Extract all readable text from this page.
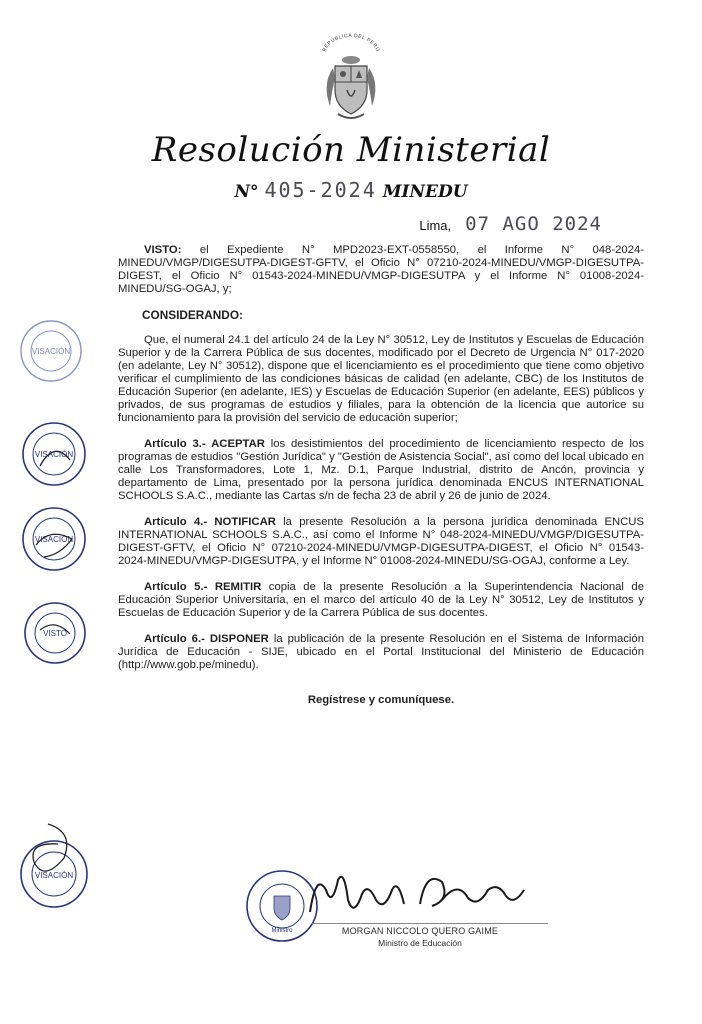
REPÚBLICA DEL PERÚ
Resolución Ministerial
N° 405-2024 MINEDU
Lima, 07 AGO 2024

VISTO: el Expediente N° MPD2023-EXT-0558550, el Informe N° 048-2024-MINEDU/VMGP/DIGESUTPA-DIGEST-GFTV, el Oficio N° 07210-2024-MINEDU/VMGP-DIGESUTPA-DIGEST, el Oficio N° 01543-2024-MINEDU/VMGP-DIGESUTPA y el Informe N° 01008-2024-MINEDU/SG-OGAJ, y;

CONSIDERANDO:

Que, el numeral 24.1 del artículo 24 de la Ley N° 30512, Ley de Institutos y Escuelas de Educación Superior y de la Carrera Pública de sus docentes, modificado por el Decreto de Urgencia N° 017-2020 (en adelante, Ley N° 30512), dispone que el licenciamiento es el procedimiento que tiene como objetivo verificar el cumplimiento de las condiciones básicas de calidad (en adelante, CBC) de los Institutos de Educación Superior (en adelante, IES) y Escuelas de Educación Superior (en adelante, EES) públicos y privados, de sus programas de estudios y filiales, para la obtención de la licencia que autorice su funcionamiento para la provisión del servicio de educación superior;

Artículo 3.- ACEPTAR los desistimientos del procedimiento de licenciamiento respecto de los programas de estudios "Gestión Jurídica" y "Gestión de Asistencia Social", así como del local ubicado en calle Los Transformadores, Lote 1, Mz. D.1, Parque Industrial, distrito de Ancón, provincia y departamento de Lima, presentado por la persona jurídica denominada ENCUS INTERNATIONAL SCHOOLS S.A.C., mediante las Cartas s/n de fecha 23 de abril y 26 de junio de 2024.

Artículo 4.- NOTIFICAR la presente Resolución a la persona jurídica denominada ENCUS INTERNATIONAL SCHOOLS S.A.C., así como el Informe N° 048-2024-MINEDU/VMGP/DIGESUTPA-DIGEST-GFTV, el Oficio N° 07210-2024-MINEDU/VMGP-DIGESUTPA-DIGEST, el Oficio N° 01543-2024-MINEDU/VMGP-DIGESUTPA, y el Informe N° 01008-2024-MINEDU/SG-OGAJ, conforme a Ley.

Artículo 5.- REMITIR copia de la presente Resolución a la Superintendencia Nacional de Educación Superior Universitaria, en el marco del artículo 40 de la Ley N° 30512, Ley de Institutos y Escuelas de Educación Superior y de la Carrera Pública de sus docentes.

Artículo 6.- DISPONER la publicación de la presente Resolución en el Sistema de Información Jurídica de Educación - SIJE, ubicado en el Portal Institucional del Ministerio de Educación (http://www.gob.pe/minedu).

Regístrese y comuníquese.

VISACIÓN
VISACIÓN
VISACIÓN
VISTO
VISACIÓN
Ministro	MORGAN NICCOLO QUERO GAIME
Ministro de Educación
